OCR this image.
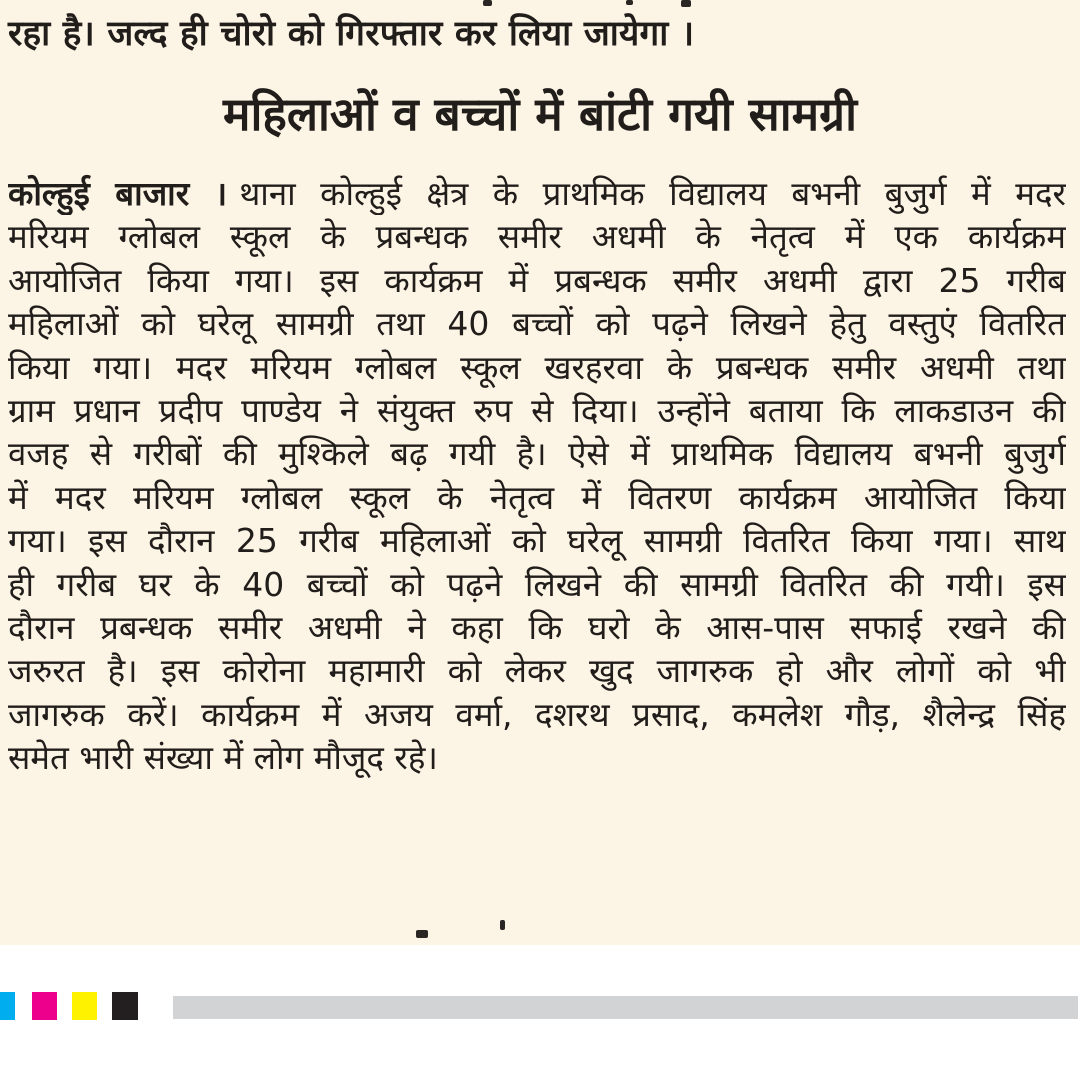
रहा है। जल्द ही चोरो को गिरफ्तार कर लिया जायेगा ।
महिलाओं व बच्चों में बांटी गयी सामग्री
कोल्हुई बाजार । थाना कोल्हुई क्षेत्र के प्राथमिक विद्यालय बभनी बुजुर्ग में मदर
मरियम ग्लोबल स्कूल के प्रबन्धक समीर अधमी के नेतृत्व में एक कार्यक्रम
आयोजित किया गया। इस कार्यक्रम में प्रबन्धक समीर अधमी द्वारा 25 गरीब
महिलाओं को घरेलू सामग्री तथा 40 बच्चों को पढ़ने लिखने हेतु वस्तुएं वितरित
किया गया। मदर मरियम ग्लोबल स्कूल खरहरवा के प्रबन्धक समीर अधमी तथा
ग्राम प्रधान प्रदीप पाण्डेय ने संयुक्त रुप से दिया। उन्होंने बताया कि लाकडाउन की
वजह से गरीबों की मुश्किले बढ़ गयी है। ऐसे में प्राथमिक विद्यालय बभनी बुजुर्ग
में मदर मरियम ग्लोबल स्कूल के नेतृत्व में वितरण कार्यक्रम आयोजित किया
गया। इस दौरान 25 गरीब महिलाओं को घरेलू सामग्री वितरित किया गया। साथ
ही गरीब घर के 40 बच्चों को पढ़ने लिखने की सामग्री वितरित की गयी। इस
दौरान प्रबन्धक समीर अधमी ने कहा कि घरो के आस-पास सफाई रखने की
जरुरत है। इस कोरोना महामारी को लेकर खुद जागरुक हो और लोगों को भी
जागरुक करें। कार्यक्रम में अजय वर्मा, दशरथ प्रसाद, कमलेश गौड़, शैलेन्द्र सिंह
समेत भारी संख्या में लोग मौजूद रहे।
